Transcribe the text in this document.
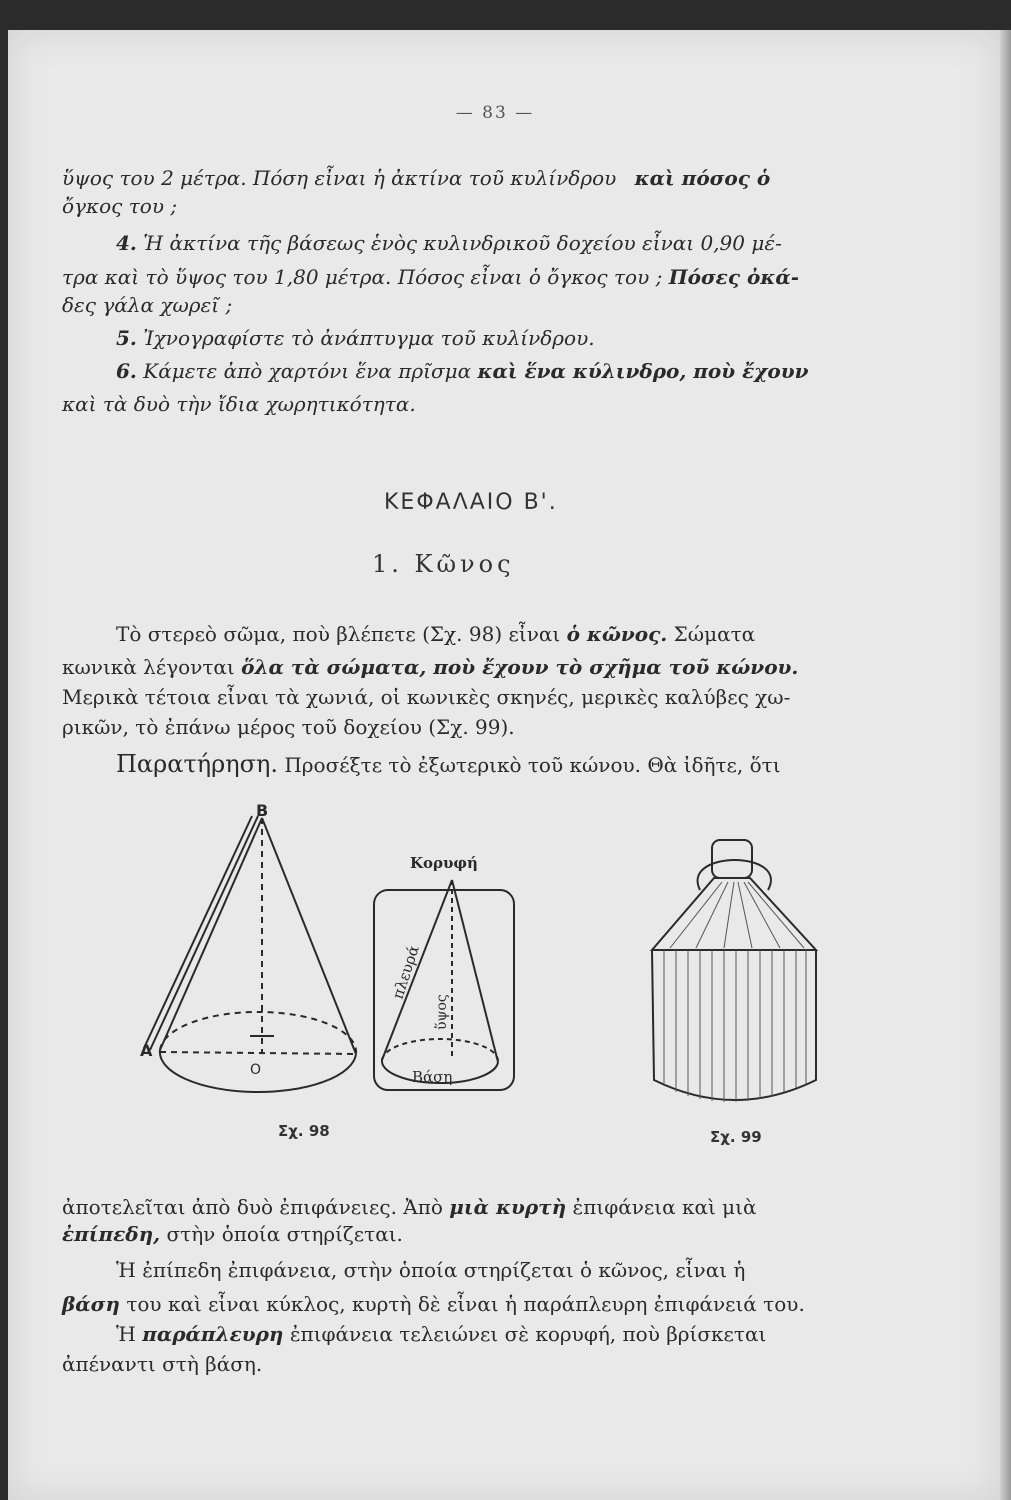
— 83 —
ὕψος του 2 μέτρα. Πόση εἶναι ἡ ἀκτίνα τοῦ κυλίνδρου καὶ πόσος ὁ
ὄγκος του ;
4. Ἡ ἀκτίνα τῆς βάσεως ἑνὸς κυλινδρικοῦ δοχείου εἶναι 0,90 μέ-
τρα καὶ τὸ ὕψος του 1,80 μέτρα. Πόσος εἶναι ὁ ὄγκος του ; Πόσες ὀκά-
δες γάλα χωρεῖ ;
5. Ἰχνογραφίστε τὸ ἀνάπτυγμα τοῦ κυλίνδρου.
6. Κάμετε ἀπὸ χαρτόνι ἕνα πρῖσμα καὶ ἕνα κύλινδρο, ποὺ ἔχουν
καὶ τὰ δυὸ τὴν ἴδια χωρητικότητα.
ΚΕΦΑΛΑΙΟ Β'.
1. Κῶνος
Τὸ στερεὸ σῶμα, ποὺ βλέπετε (Σχ. 98) εἶναι ὁ κῶνος. Σώματα
κωνικὰ λέγονται ὅλα τὰ σώματα, ποὺ ἔχουν τὸ σχῆμα τοῦ κώνου.
Μερικὰ τέτοια εἶναι τὰ χωνιά, οἱ κωνικὲς σκηνές, μερικὲς καλύβες χω-
ρικῶν, τὸ ἐπάνω μέρος τοῦ δοχείου (Σχ. 99).
Παρατήρηση. Προσέξτε τὸ ἐξωτερικὸ τοῦ κώνου. Θὰ ἰδῆτε, ὅτι
Β
Α
Ο
Κορυφή
πλευρά
ὕψος
Βάση
Σχ. 98	Σχ. 99
ἀποτελεῖται ἀπὸ δυὸ ἐπιφάνειες. Ἀπὸ μιὰ κυρτὴ ἐπιφάνεια καὶ μιὰ
ἐπίπεδη, στὴν ὁποία στηρίζεται.
Ἡ ἐπίπεδη ἐπιφάνεια, στὴν ὁποία στηρίζεται ὁ κῶνος, εἶναι ἡ
βάση του καὶ εἶναι κύκλος, κυρτὴ δὲ εἶναι ἡ παράπλευρη ἐπιφάνειά του.
Ἡ παράπλευρη ἐπιφάνεια τελειώνει σὲ κορυφή, ποὺ βρίσκεται
ἀπέναντι στὴ βάση.
